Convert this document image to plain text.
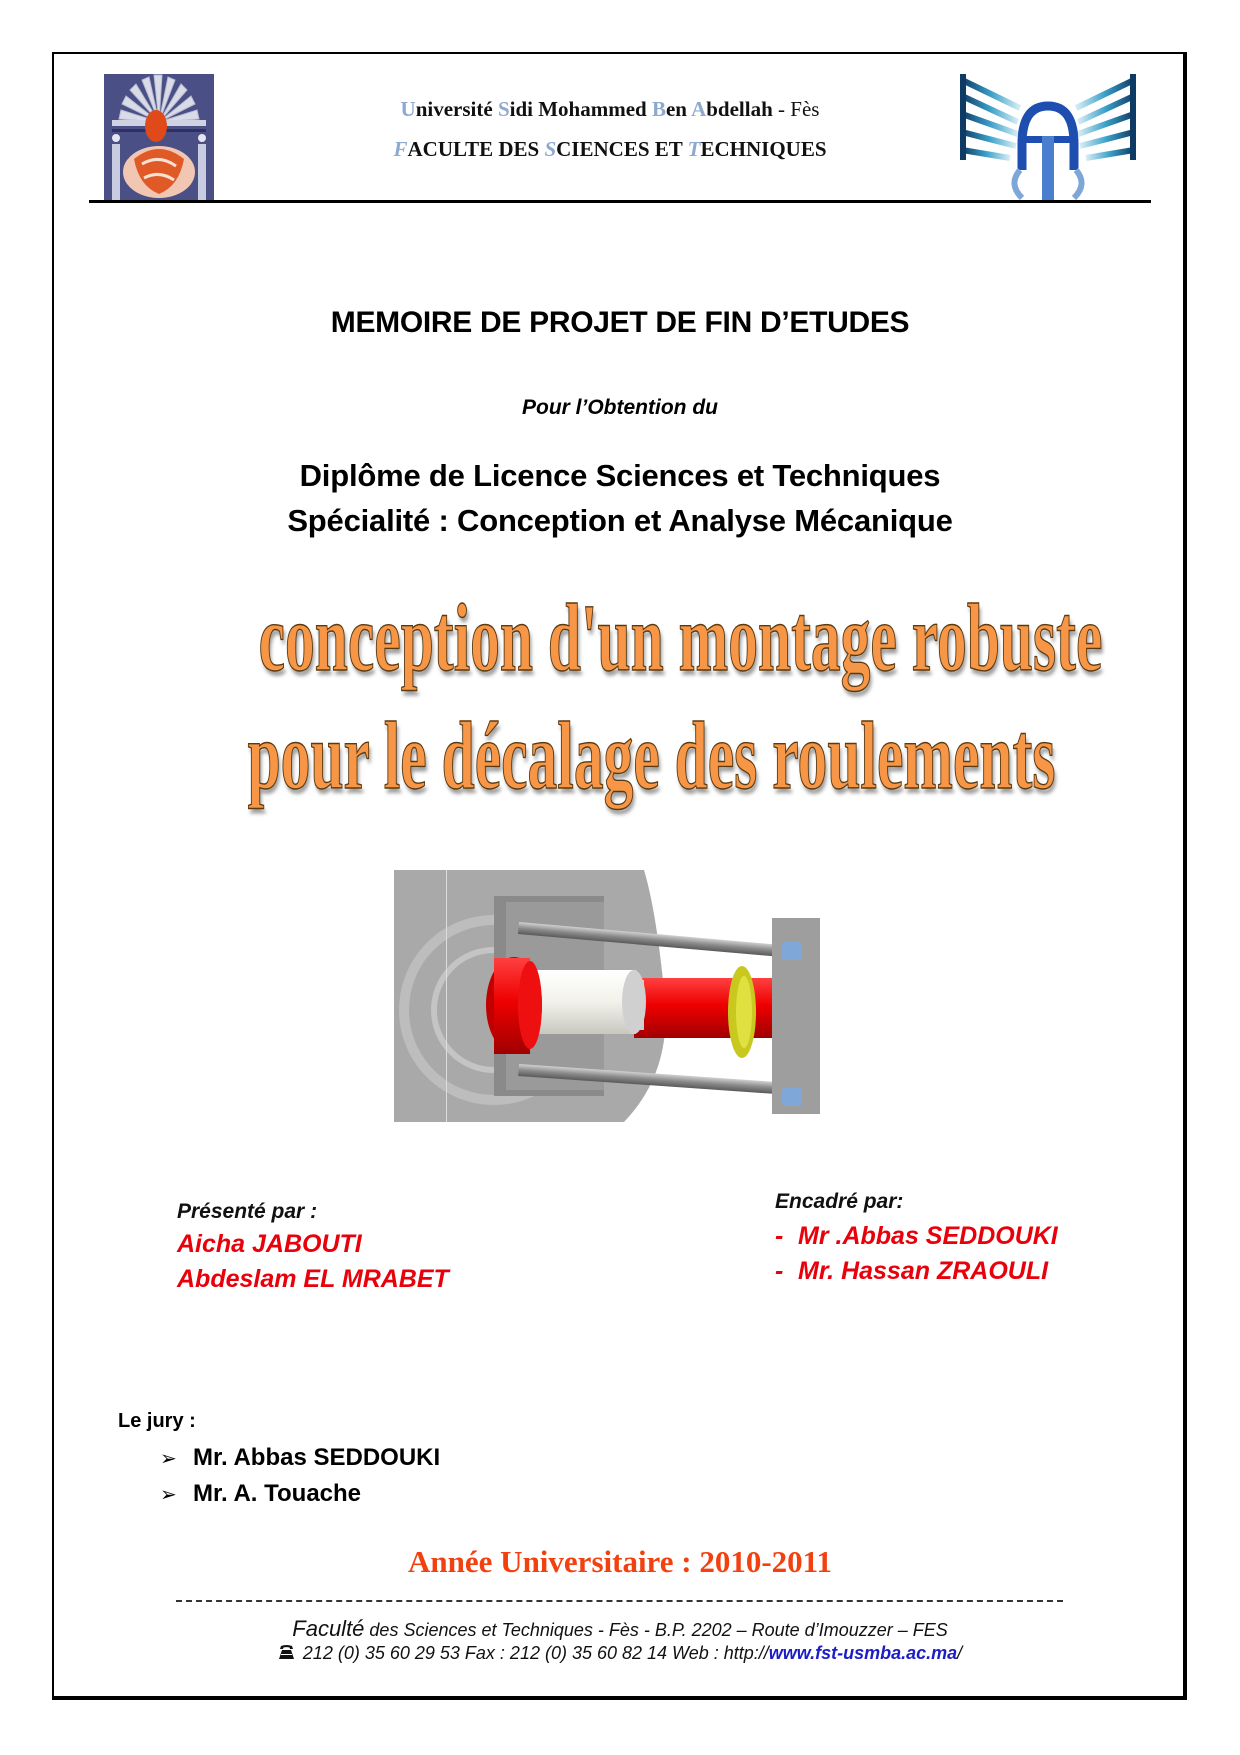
Université Sidi Mohammed Ben Abdellah - Fès
FACULTE DES SCIENCES ET TECHNIQUES
MEMOIRE DE PROJET DE FIN D’ETUDES
Pour l’Obtention du
Diplôme de Licence Sciences et Techniques
Spécialité : Conception et Analyse Mécanique
conception d'un montage robuste
pour le décalage des roulements
Présenté par :
Aicha JABOUTI
Abdeslam EL MRABET
Encadré par:
- Mr .Abbas SEDDOUKI
- Mr. Hassan ZRAOULI
Le jury :
➢ Mr. Abbas SEDDOUKI
➢ Mr. A. Touache
Année Universitaire : 2010-2011
Faculté des Sciences et Techniques - Fès - B.P. 2202 – Route d’Imouzzer – FES
212 (0) 35 60 29 53 Fax : 212 (0) 35 60 82 14 Web : http://www.fst-usmba.ac.ma/
